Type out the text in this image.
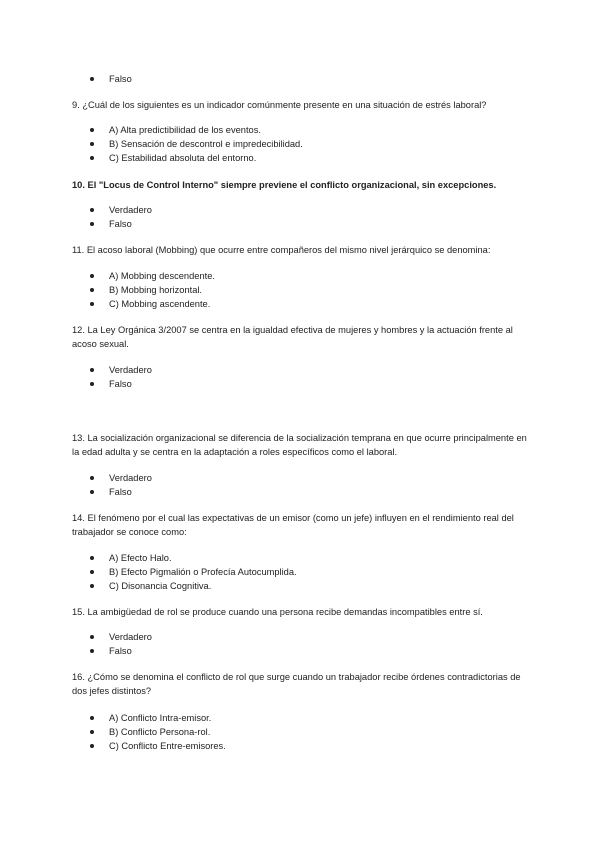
Falso

9. ¿Cuál de los siguientes es un indicador comúnmente presente en una situación de estrés laboral?

A) Alta predictibilidad de los eventos.
B) Sensación de descontrol e impredecibilidad.
C) Estabilidad absoluta del entorno.

10. El "Locus de Control Interno" siempre previene el conflicto organizacional, sin excepciones.

Verdadero
Falso

11. El acoso laboral (Mobbing) que ocurre entre compañeros del mismo nivel jerárquico se denomina:

A) Mobbing descendente.
B) Mobbing horizontal.
C) Mobbing ascendente.

12. La Ley Orgánica 3/2007 se centra en la igualdad efectiva de mujeres y hombres y la actuación frente al acoso sexual.

Verdadero
Falso

13. La socialización organizacional se diferencia de la socialización temprana en que ocurre principalmente en la edad adulta y se centra en la adaptación a roles específicos como el laboral.

Verdadero
Falso

14. El fenómeno por el cual las expectativas de un emisor (como un jefe) influyen en el rendimiento real del trabajador se conoce como:

A) Efecto Halo.
B) Efecto Pigmalión o Profecía Autocumplida.
C) Disonancia Cognitiva.

15. La ambigüedad de rol se produce cuando una persona recibe demandas incompatibles entre sí.

Verdadero
Falso

16. ¿Cómo se denomina el conflicto de rol que surge cuando un trabajador recibe órdenes contradictorias de dos jefes distintos?

A) Conflicto Intra-emisor.
B) Conflicto Persona-rol.
C) Conflicto Entre-emisores.
